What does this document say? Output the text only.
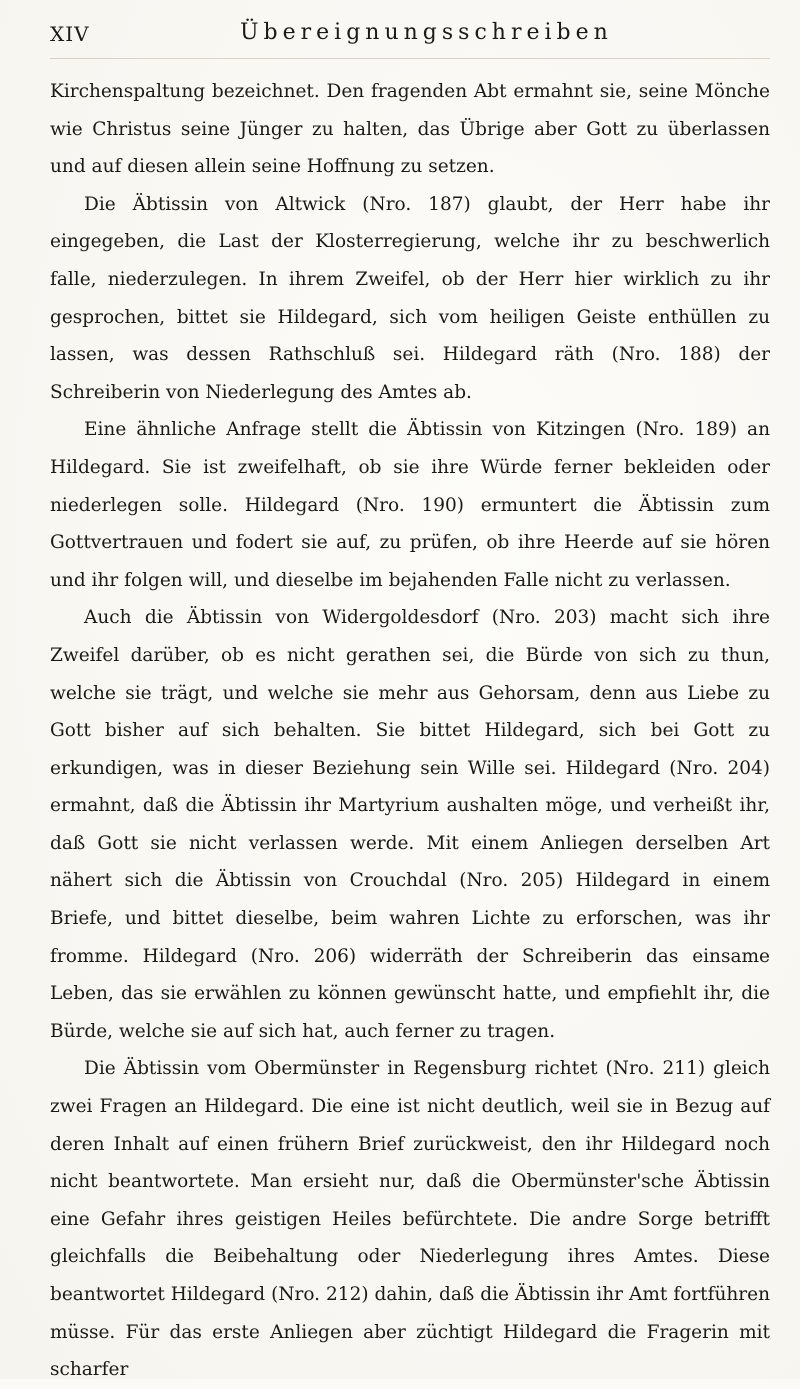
XIV	Übereignungsschreiben

Kirchenspaltung bezeichnet. Den fragenden Abt ermahnt sie, seine Mönche wie Christus seine Jünger zu halten, das Übrige aber Gott zu überlassen und auf diesen allein seine Hoffnung zu setzen.

Die Äbtissin von Altwick (Nro. 187) glaubt, der Herr habe ihr eingegeben, die Last der Klosterregierung, welche ihr zu beschwerlich falle, niederzulegen. In ihrem Zweifel, ob der Herr hier wirklich zu ihr gesprochen, bittet sie Hildegard, sich vom heiligen Geiste enthüllen zu lassen, was dessen Rathschluß sei. Hildegard räth (Nro. 188) der Schreiberin von Niederlegung des Amtes ab.

Eine ähnliche Anfrage stellt die Äbtissin von Kitzingen (Nro. 189) an Hildegard. Sie ist zweifelhaft, ob sie ihre Würde ferner bekleiden oder niederlegen solle. Hildegard (Nro. 190) ermuntert die Äbtissin zum Gottvertrauen und fodert sie auf, zu prüfen, ob ihre Heerde auf sie hören und ihr folgen will, und dieselbe im bejahenden Falle nicht zu verlassen.

Auch die Äbtissin von Widergoldesdorf (Nro. 203) macht sich ihre Zweifel darüber, ob es nicht gerathen sei, die Bürde von sich zu thun, welche sie trägt, und welche sie mehr aus Gehorsam, denn aus Liebe zu Gott bisher auf sich behalten. Sie bittet Hildegard, sich bei Gott zu erkundigen, was in dieser Beziehung sein Wille sei. Hildegard (Nro. 204) ermahnt, daß die Äbtissin ihr Martyrium aushalten möge, und verheißt ihr, daß Gott sie nicht verlassen werde. Mit einem Anliegen derselben Art nähert sich die Äbtissin von Crouchdal (Nro. 205) Hildegard in einem Briefe, und bittet dieselbe, beim wahren Lichte zu erforschen, was ihr fromme. Hildegard (Nro. 206) widerräth der Schreiberin das einsame Leben, das sie erwählen zu können gewünscht hatte, und empfiehlt ihr, die Bürde, welche sie auf sich hat, auch ferner zu tragen.

Die Äbtissin vom Obermünster in Regensburg richtet (Nro. 211) gleich zwei Fragen an Hildegard. Die eine ist nicht deutlich, weil sie in Bezug auf deren Inhalt auf einen frühern Brief zurückweist, den ihr Hildegard noch nicht beantwortete. Man ersieht nur, daß die Obermünster'sche Äbtissin eine Gefahr ihres geistigen Heiles befürchtete. Die andre Sorge betrifft gleichfalls die Beibehaltung oder Niederlegung ihres Amtes. Diese beantwortet Hildegard (Nro. 212) dahin, daß die Äbtissin ihr Amt fortführen müsse. Für das erste Anliegen aber züchtigt Hildegard die Fragerin mit scharfer
